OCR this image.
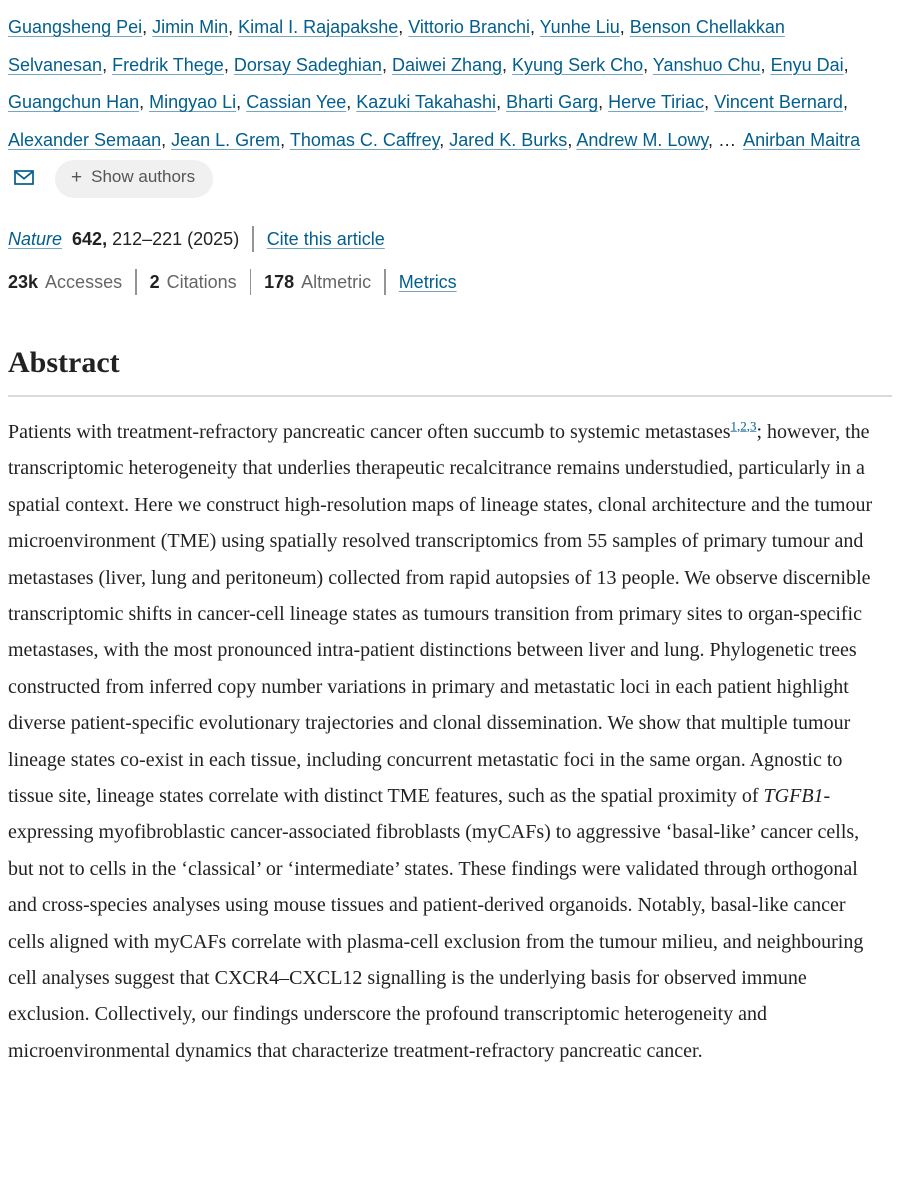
Guangsheng Pei, Jimin Min, Kimal I. Rajapakshe, Vittorio Branchi, Yunhe Liu, Benson Chellakkan Selvanesan, Fredrik Thege, Dorsay Sadeghian, Daiwei Zhang, Kyung Serk Cho, Yanshuo Chu, Enyu Dai, Guangchun Han, Mingyao Li, Cassian Yee, Kazuki Takahashi, Bharti Garg, Herve Tiriac, Vincent Bernard, Alexander Semaan, Jean L. Grem, Thomas C. Caffrey, Jared K. Burks, Andrew M. Lowy, … Anirban Maitra + Show authors

Nature 642, 212–221 (2025) Cite this article

23k Accesses 2 Citations 178 Altmetric Metrics

Abstract

Patients with treatment-refractory pancreatic cancer often succumb to systemic metastases$^{1,2,3}$; however, the transcriptomic heterogeneity that underlies therapeutic recalcitrance remains understudied, particularly in a spatial context. Here we construct high-resolution maps of lineage states, clonal architecture and the tumour microenvironment (TME) using spatially resolved transcriptomics from 55 samples of primary tumour and metastases (liver, lung and peritoneum) collected from rapid autopsies of 13 people. We observe discernible transcriptomic shifts in cancer-cell lineage states as tumours transition from primary sites to organ-specific metastases, with the most pronounced intra-patient distinctions between liver and lung. Phylogenetic trees constructed from inferred copy number variations in primary and metastatic loci in each patient highlight diverse patient-specific evolutionary trajectories and clonal dissemination. We show that multiple tumour lineage states co-exist in each tissue, including concurrent metastatic foci in the same organ. Agnostic to tissue site, lineage states correlate with distinct TME features, such as the spatial proximity of TGFB1-expressing myofibroblastic cancer-associated fibroblasts (myCAFs) to aggressive ‘basal-like’ cancer cells, but not to cells in the ‘classical’ or ‘intermediate’ states. These findings were validated through orthogonal and cross-species analyses using mouse tissues and patient-derived organoids. Notably, basal-like cancer cells aligned with myCAFs correlate with plasma-cell exclusion from the tumour milieu, and neighbouring cell analyses suggest that CXCR4–CXCL12 signalling is the underlying basis for observed immune exclusion. Collectively, our findings underscore the profound transcriptomic heterogeneity and microenvironmental dynamics that characterize treatment-refractory pancreatic cancer.
